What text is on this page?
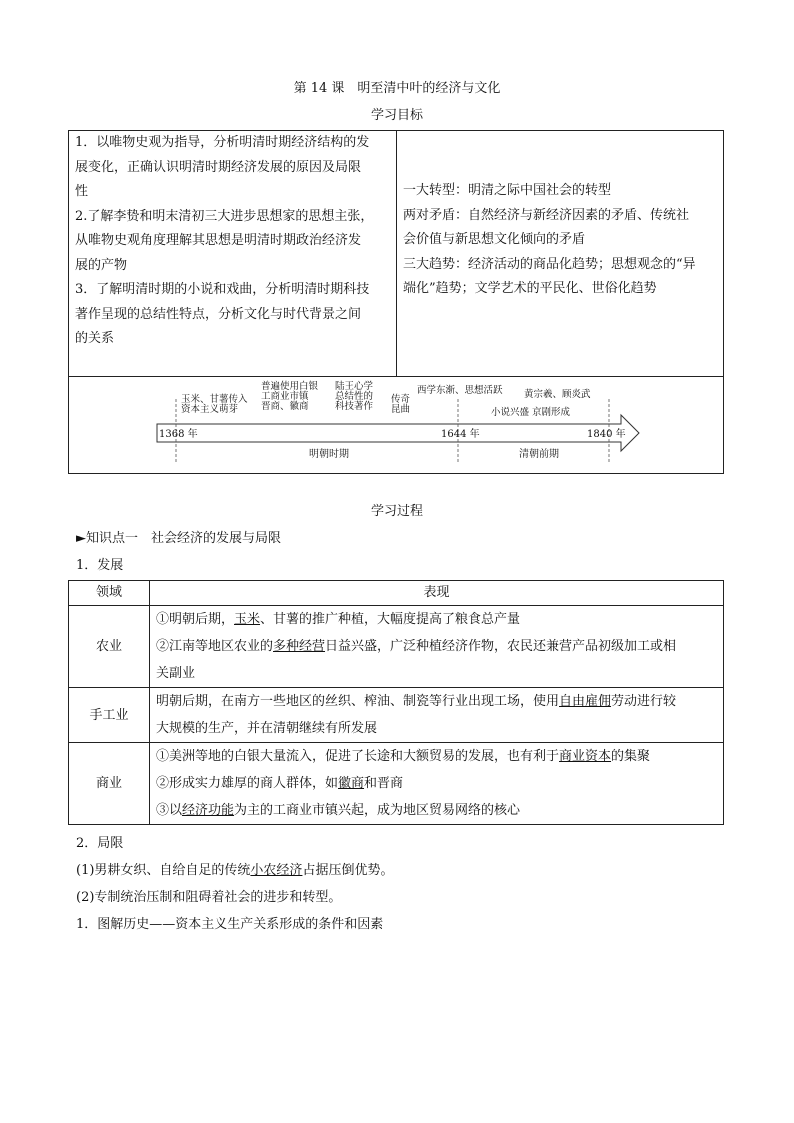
第 14 课　明至清中叶的经济与文化
学习目标
1．以唯物史观为指导，分析明清时期经济结构的发
展变化，正确认识明清时期经济发展的原因及局限
性
2.了解李贽和明末清初三大进步思想家的思想主张，
从唯物史观角度理解其思想是明清时期政治经济发
展的产物
3．了解明清时期的小说和戏曲，分析明清时期科技
著作呈现的总结性特点，分析文化与时代背景之间
的关系
一大转型：明清之际中国社会的转型
两对矛盾：自然经济与新经济因素的矛盾、传统社
会价值与新思想文化倾向的矛盾
三大趋势：经济活动的商品化趋势；思想观念的“异
端化”趋势；文学艺术的平民化、世俗化趋势
1368 年	1644 年	1840 年
明朝时期	清朝前期
玉米、甘薯传入
资本主义萌芽
普遍使用白银
工商业市镇
晋商、徽商
陆王心学
总结性的
科技著作
传奇
昆曲
西学东渐、思想活跃 黄宗羲、顾炎武
小说兴盛 京剧形成
学习过程
►知识点一　社会经济的发展与局限
1．发展
领域	表现
农业	①明朝后期，玉米、甘薯的推广种植，大幅度提高了粮食总产量
②江南等地区农业的多种经营日益兴盛，广泛种植经济作物，农民还兼营产品初级加工或相
关副业

手工业	明朝后期，在南方一些地区的丝织、榨油、制瓷等行业出现工场，使用自由雇佣劳动进行较
大规模的生产，并在清朝继续有所发展

商业	①美洲等地的白银大量流入，促进了长途和大额贸易的发展，也有利于商业资本的集聚
②形成实力雄厚的商人群体，如徽商和晋商
③以经济功能为主的工商业市镇兴起，成为地区贸易网络的核心
2．局限
(1)男耕女织、自给自足的传统小农经济占据压倒优势。
(2)专制统治压制和阻碍着社会的进步和转型。
1．图解历史——资本主义生产关系形成的条件和因素
